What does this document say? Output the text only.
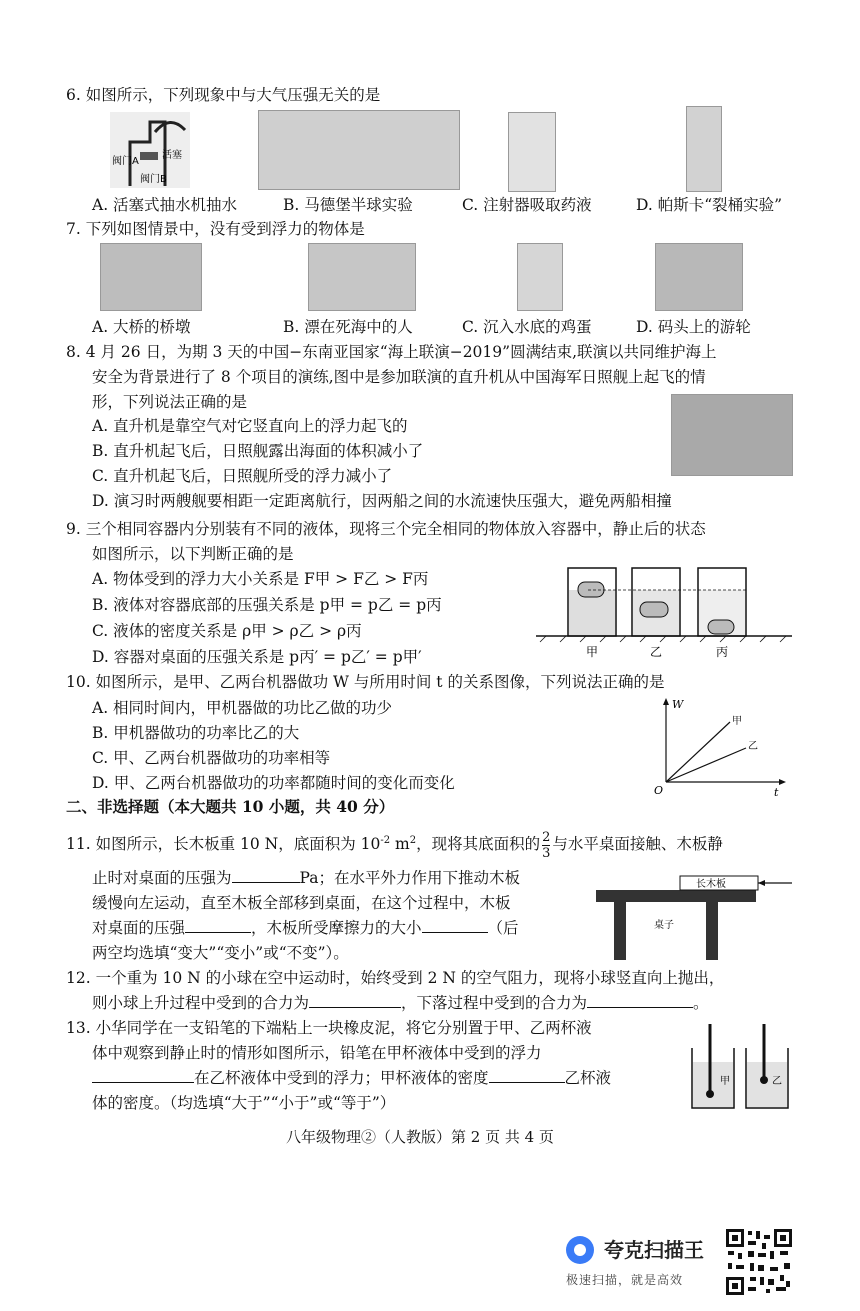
6. 如图所示，下列现象中与大气压强无关的是
阀门A
活塞
阀门B
A. 活塞式抽水机抽水	B. 马德堡半球实验	C. 注射器吸取药液	D. 帕斯卡“裂桶实验”
7. 下列如图情景中，没有受到浮力的物体是
A. 大桥的桥墩	B. 漂在死海中的人	C. 沉入水底的鸡蛋	D. 码头上的游轮
8. 4 月 26 日，为期 3 天的中国−东南亚国家“海上联演−2019”圆满结束,联演以共同维护海上
安全为背景进行了 8 个项目的演练,图中是参加联演的直升机从中国海军日照舰上起飞的情
形，下列说法正确的是
A. 直升机是靠空气对它竖直向上的浮力起飞的
B. 直升机起飞后，日照舰露出海面的体积减小了
C. 直升机起飞后，日照舰所受的浮力减小了
D. 演习时两艘舰要相距一定距离航行，因两船之间的水流速快压强大，避免两船相撞
9. 三个相同容器内分别装有不同的液体，现将三个完全相同的物体放入容器中，静止后的状态
如图所示，以下判断正确的是
A. 物体受到的浮力大小关系是 F甲 > F乙 > F丙
B. 液体对容器底部的压强关系是 p甲 = p乙 = p丙
C. 液体的密度关系是 ρ甲 > ρ乙 > ρ丙
D. 容器对桌面的压强关系是 p丙′ = p乙′ = p甲′	甲	乙	丙
10. 如图所示，是甲、乙两台机器做功 W 与所用时间 t 的关系图像，下列说法正确的是
A. 相同时间内，甲机器做的功比乙做的功少
B. 甲机器做功的功率比乙的大
C. 甲、乙两台机器做功的功率相等
D. 甲、乙两台机器做功的功率都随时间的变化而变化
W
t
O
甲
乙
二、非选择题（本大题共 10 小题，共 40 分）
11. 如图所示，长木板重 10 N，底面积为 $10^{-2}$ $m^2$，现将其底面积的 $\frac{2}{3}$ 与水平桌面接触、木板静
止时对桌面的压强为	Pa；在水平外力作用下推动木板
缓慢向左运动，直至木板全部移到桌面，在这个过程中，木板
对桌面的压强	，木板所受摩擦力的大小	（后
两空均选填“变大”“变小”或“不变”）。
长木板
桌子
12. 一个重为 10 N 的小球在空中运动时，始终受到 2 N 的空气阻力，现将小球竖直向上抛出，
则小球上升过程中受到的合力为	，下落过程中受到的合力为	。
13. 小华同学在一支铅笔的下端粘上一块橡皮泥，将它分别置于甲、乙两杯液
体中观察到静止时的情形如图所示，铅笔在甲杯液体中受到的浮力
在乙杯液体中受到的浮力；甲杯液体的密度	乙杯液
体的密度。（均选填“大于”“小于”或“等于”）
甲	乙
八年级物理②（人教版）第 2 页 共 4 页
夸克扫描王
极速扫描，就是高效
